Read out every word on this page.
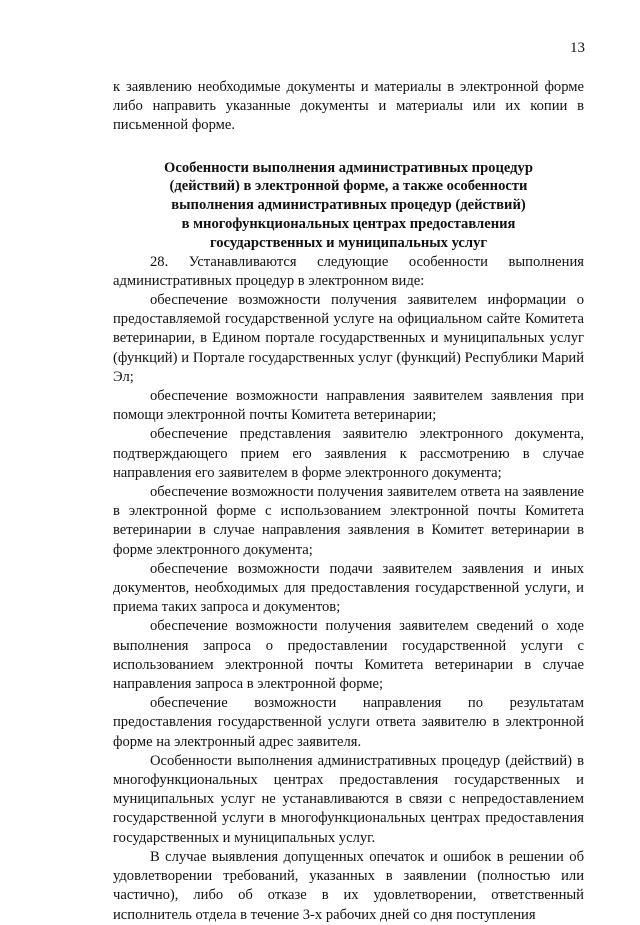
13

к заявлению необходимые документы и материалы в электронной форме либо направить указанные документы и материалы или их копии в письменной форме.

Особенности выполнения административных процедур
(действий) в электронной форме, а также особенности
выполнения административных процедур (действий)
в многофункциональных центрах предоставления
государственных и муниципальных услуг

28. Устанавливаются следующие особенности выполнения административных процедур в электронном виде:

обеспечение возможности получения заявителем информации о предоставляемой государственной услуге на официальном сайте Комитета ветеринарии, в Едином портале государственных и муниципальных услуг (функций) и Портале государственных услуг (функций) Республики Марий Эл;

обеспечение возможности направления заявителем заявления при помощи электронной почты Комитета ветеринарии;

обеспечение представления заявителю электронного документа, подтверждающего прием его заявления к рассмотрению в случае направления его заявителем в форме электронного документа;

обеспечение возможности получения заявителем ответа на заявление в электронной форме с использованием электронной почты Комитета ветеринарии в случае направления заявления в Комитет ветеринарии в форме электронного документа;

обеспечение возможности подачи заявителем заявления и иных документов, необходимых для предоставления государственной услуги, и приема таких запроса и документов;

обеспечение возможности получения заявителем сведений о ходе выполнения запроса о предоставлении государственной услуги с использованием электронной почты Комитета ветеринарии в случае направления запроса в электронной форме;

обеспечение возможности направления по результатам предоставления государственной услуги ответа заявителю в электронной форме на электронный адрес заявителя.

Особенности выполнения административных процедур (действий) в многофункциональных центрах предоставления государственных и муниципальных услуг не устанавливаются в связи с непредоставлением государственной услуги в многофункциональных центрах предоставления государственных и муниципальных услуг.

В случае выявления допущенных опечаток и ошибок в решении об удовлетворении требований, указанных в заявлении (полностью или частично), либо об отказе в их удовлетворении, ответственный исполнитель отдела в течение 3-х рабочих дней со дня поступления
